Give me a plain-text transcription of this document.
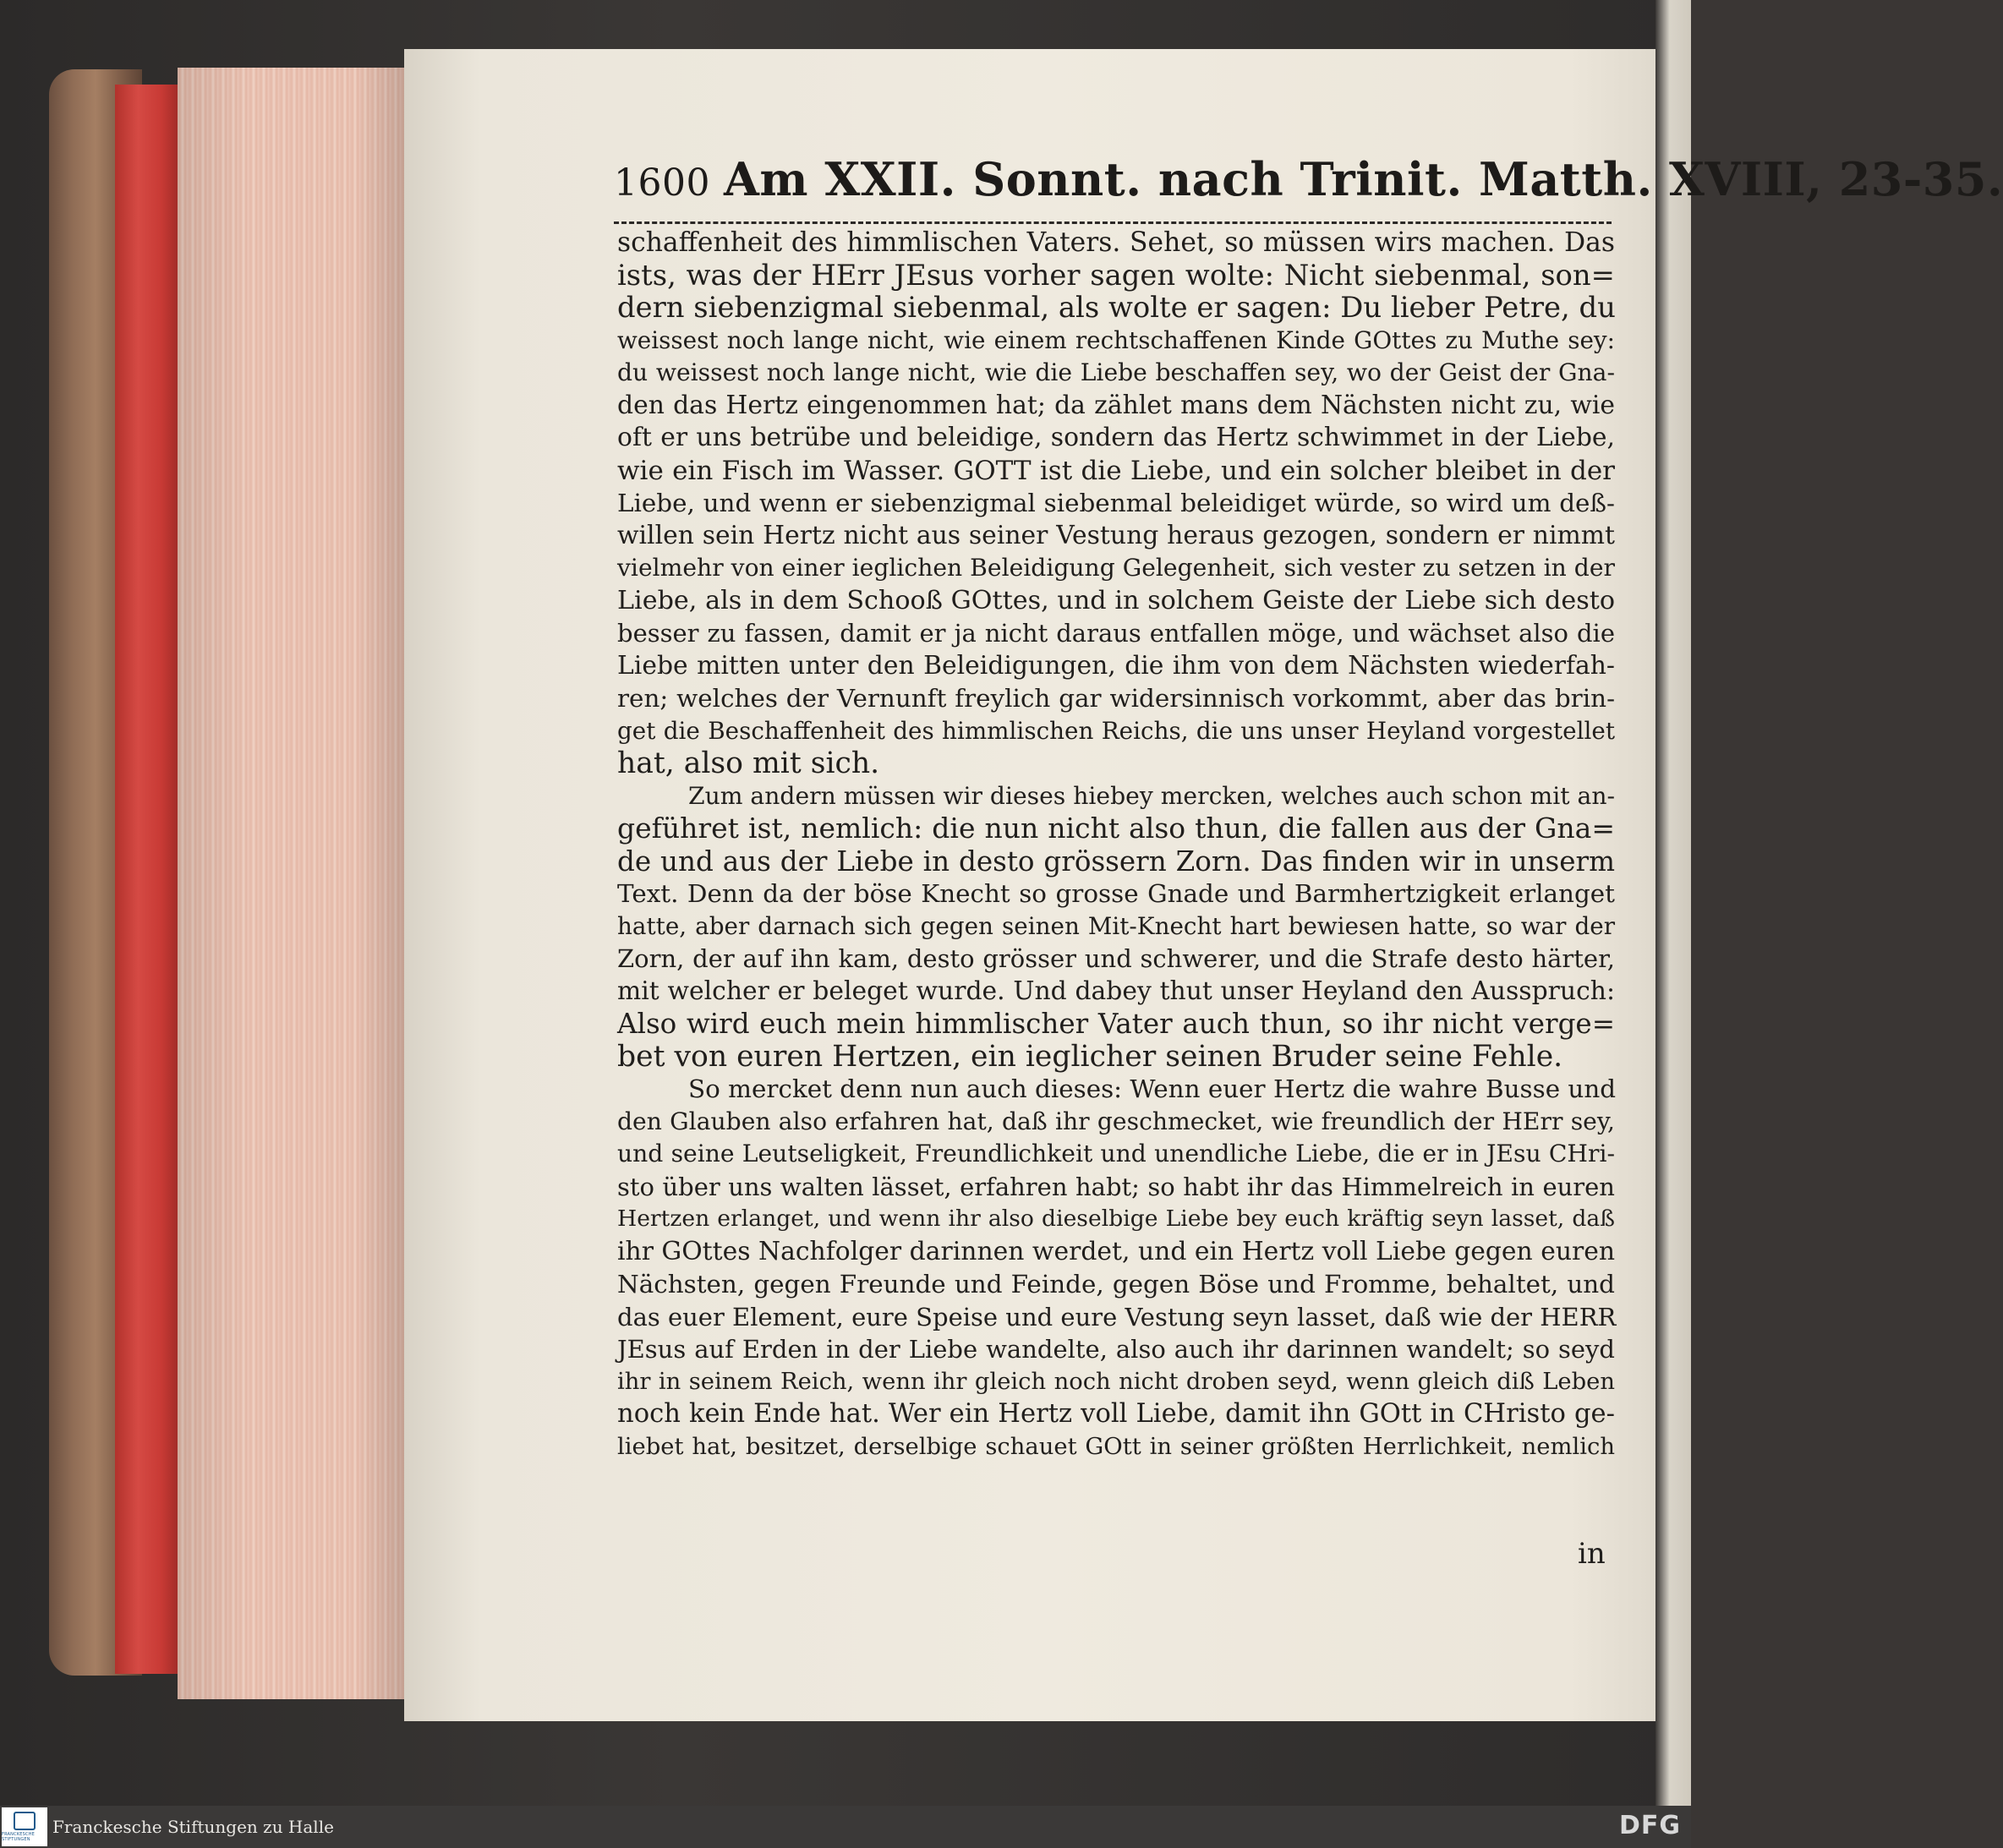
1600 Am XXII. Sonnt. nach Trinit. Matth. XVIII, 23-35.
schaffenheit des himmlischen Vaters. Sehet, so müssen wirs machen. Das
ists, was der HErr JEsus vorher sagen wolte: Nicht siebenmal, son=
dern siebenzigmal siebenmal, als wolte er sagen: Du lieber Petre, du
weissest noch lange nicht, wie einem rechtschaffenen Kinde GOttes zu Muthe sey:
du weissest noch lange nicht, wie die Liebe beschaffen sey, wo der Geist der Gna-
den das Hertz eingenommen hat; da zählet mans dem Nächsten nicht zu, wie
oft er uns betrübe und beleidige, sondern das Hertz schwimmet in der Liebe,
wie ein Fisch im Wasser. GOTT ist die Liebe, und ein solcher bleibet in der
Liebe, und wenn er siebenzigmal siebenmal beleidiget würde, so wird um deß-
willen sein Hertz nicht aus seiner Vestung heraus gezogen, sondern er nimmt
vielmehr von einer ieglichen Beleidigung Gelegenheit, sich vester zu setzen in der
Liebe, als in dem Schooß GOttes, und in solchem Geiste der Liebe sich desto
besser zu fassen, damit er ja nicht daraus entfallen möge, und wächset also die
Liebe mitten unter den Beleidigungen, die ihm von dem Nächsten wiederfah-
ren; welches der Vernunft freylich gar widersinnisch vorkommt, aber das brin-
get die Beschaffenheit des himmlischen Reichs, die uns unser Heyland vorgestellet
hat, also mit sich.
Zum andern müssen wir dieses hiebey mercken, welches auch schon mit an-
geführet ist, nemlich: die nun nicht also thun, die fallen aus der Gna=
de und aus der Liebe in desto grössern Zorn. Das finden wir in unserm
Text. Denn da der böse Knecht so grosse Gnade und Barmhertzigkeit erlanget
hatte, aber darnach sich gegen seinen Mit-Knecht hart bewiesen hatte, so war der
Zorn, der auf ihn kam, desto grösser und schwerer, und die Strafe desto härter,
mit welcher er beleget wurde. Und dabey thut unser Heyland den Ausspruch:
Also wird euch mein himmlischer Vater auch thun, so ihr nicht verge=
bet von euren Hertzen, ein ieglicher seinen Bruder seine Fehle.
So mercket denn nun auch dieses: Wenn euer Hertz die wahre Busse und
den Glauben also erfahren hat, daß ihr geschmecket, wie freundlich der HErr sey,
und seine Leutseligkeit, Freundlichkeit und unendliche Liebe, die er in JEsu CHri-
sto über uns walten lässet, erfahren habt; so habt ihr das Himmelreich in euren
Hertzen erlanget, und wenn ihr also dieselbige Liebe bey euch kräftig seyn lasset, daß
ihr GOttes Nachfolger darinnen werdet, und ein Hertz voll Liebe gegen euren
Nächsten, gegen Freunde und Feinde, gegen Böse und Fromme, behaltet, und
das euer Element, eure Speise und eure Vestung seyn lasset, daß wie der HERR
JEsus auf Erden in der Liebe wandelte, also auch ihr darinnen wandelt; so seyd
ihr in seinem Reich, wenn ihr gleich noch nicht droben seyd, wenn gleich diß Leben
noch kein Ende hat. Wer ein Hertz voll Liebe, damit ihn GOtt in CHristo ge-
liebet hat, besitzet, derselbige schauet GOtt in seiner größten Herrlichkeit, nemlich
in
FRANCKESCHE STIFTUNGEN
Franckesche Stiftungen zu Halle	DFG
